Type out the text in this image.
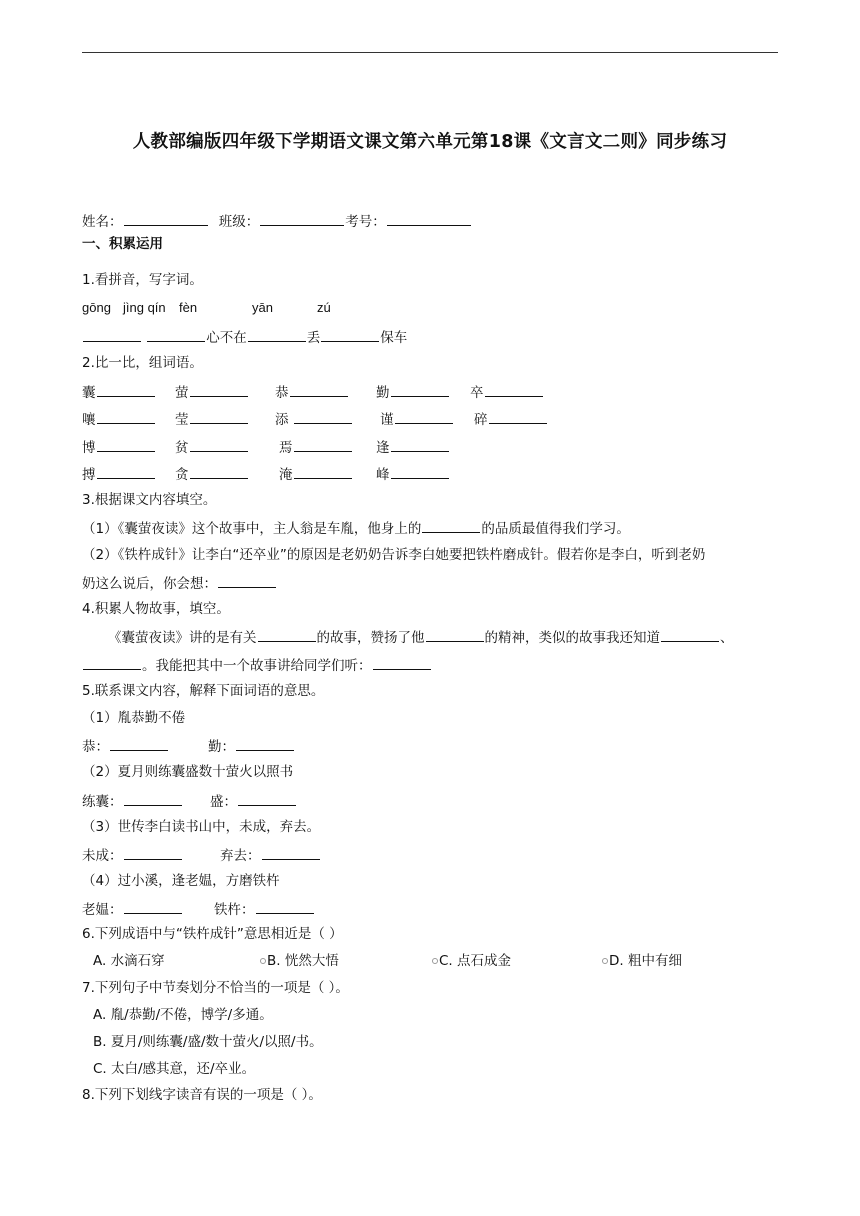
人教部编版四年级下学期语文课文第六单元第18课《文言文二则》同步练习
姓名：	班级：	考号：
一、积累运用
1.看拼音，写字词。
gōng jìng qín fèn	yān	zú
心不在	丢	保车
2.比一比，组词语。
囊	萤	恭	勤	卒
嚷	莹	添	谨	碎
博	贫	焉	逢
搏	贪	淹	峰
3.根据课文内容填空。
（1）《囊萤夜读》这个故事中，主人翁是车胤，他身上的	的品质最值得我们学习。
（2）《铁杵成针》让李白“还卒业”的原因是老奶奶告诉李白她要把铁杵磨成针。假若你是李白，听到老奶
奶这么说后，你会想：
4.积累人物故事，填空。
《囊萤夜读》讲的是有关	的故事，赞扬了他	的精神，类似的故事我还知道	、
。我能把其中一个故事讲给同学们听：
5.联系课文内容，解释下面词语的意思。
（1）胤恭勤不倦
恭：	勤：
（2）夏月则练囊盛数十萤火以照书
练囊：	盛：
（3）世传李白读书山中，未成，弃去。
未成：	弃去：
（4）过小溪，逢老媪，方磨铁杵
老媪：	铁杵：
6.下列成语中与“铁杵成针”意思相近是（ ）
A. 水滴石穿	B. 恍然大悟	C. 点石成金	D. 粗中有细
7.下列句子中节奏划分不恰当的一项是（ ）。
A. 胤/恭勤/不倦，博学/多通。
B. 夏月/则练囊/盛/数十萤火/以照/书。
C. 太白/感其意，还/卒业。
8.下列下划线字读音有误的一项是（ ）。
